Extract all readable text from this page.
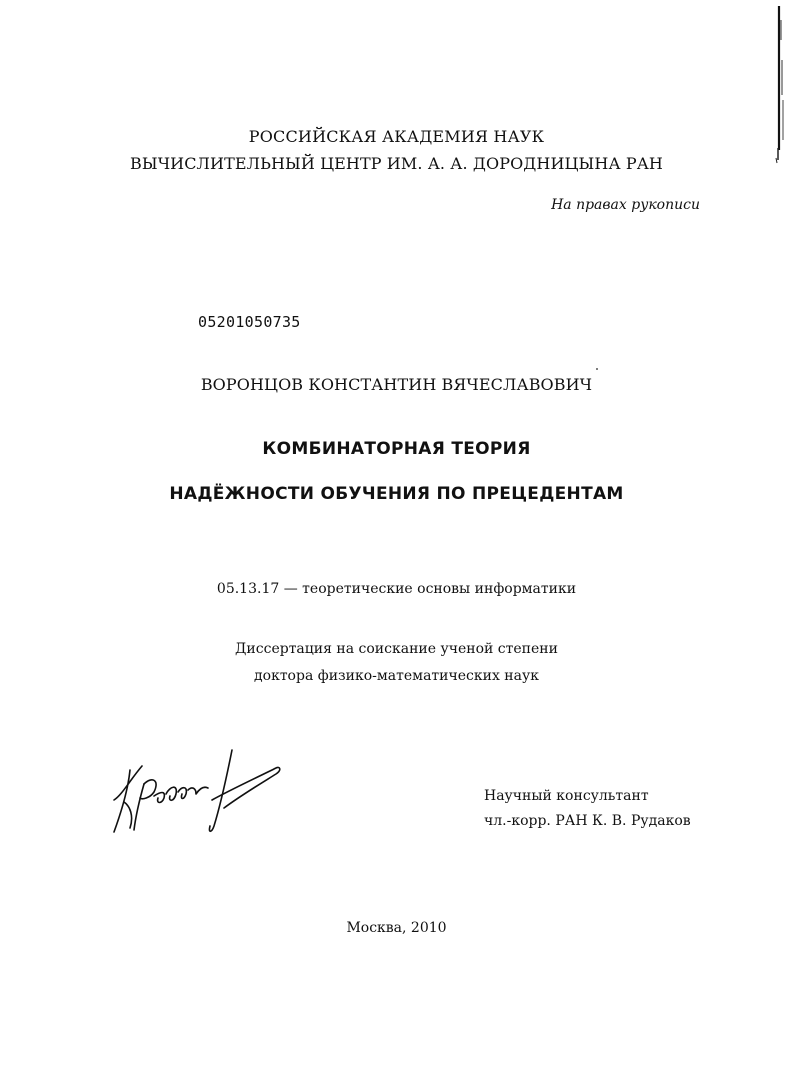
РОССИЙСКАЯ АКАДЕМИЯ НАУК
ВЫЧИСЛИТЕЛЬНЫЙ ЦЕНТР ИМ. А. А. ДОРОДНИЦЫНА РАН
На правах рукописи
05201050735
ВОРОНЦОВ КОНСТАНТИН ВЯЧЕСЛАВОВИЧ
КОМБИНАТОРНАЯ ТЕОРИЯ
НАДЁЖНОСТИ ОБУЧЕНИЯ ПО ПРЕЦЕДЕНТАМ
05.13.17 — теоретические основы информатики
Диссертация на соискание ученой степени
доктора физико-математических наук
Научный консультант
чл.-корр. РАН К. В. Рудаков
Москва, 2010
